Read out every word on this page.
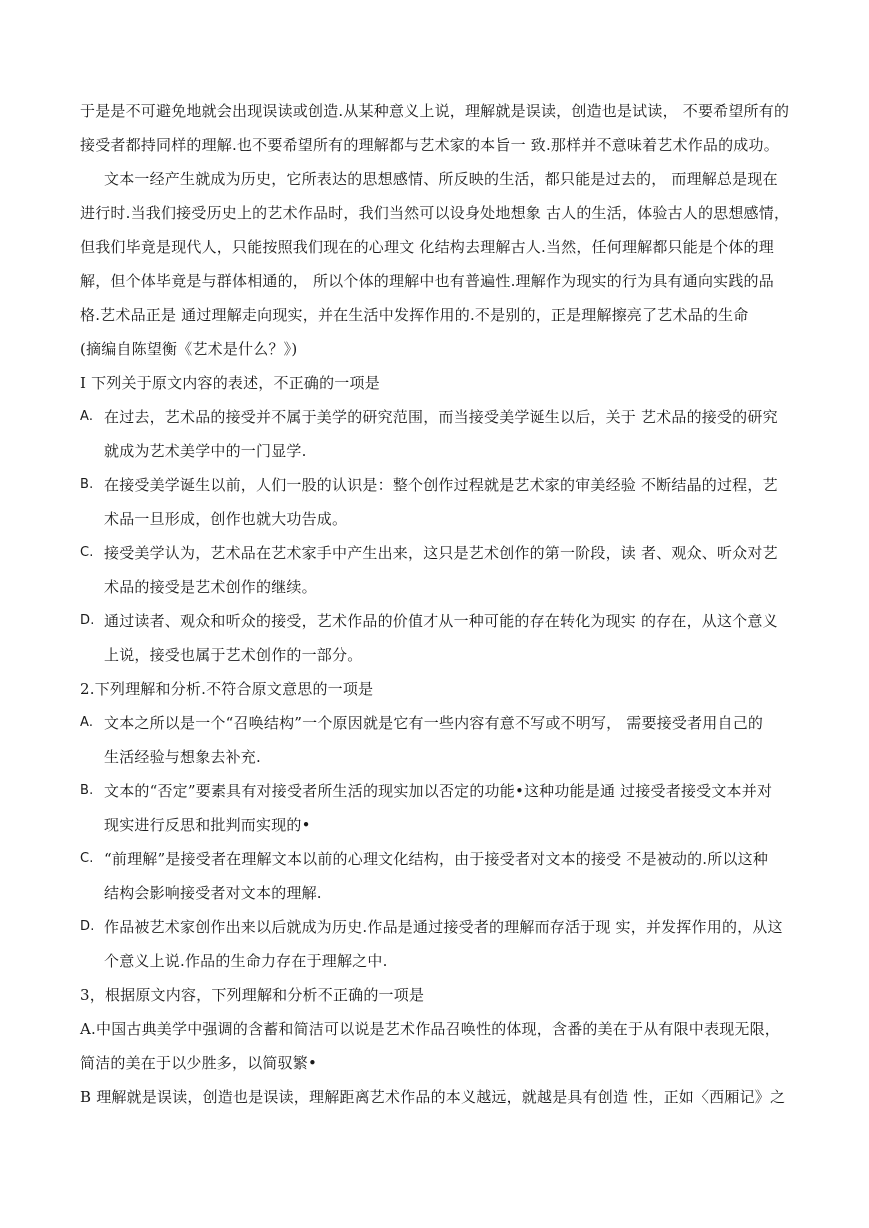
于是是不可避免地就会出现误读或创造.从某种意义上说，理解就是误读，创造也是试读， 不要希望所有的
接受者都持同样的理解.也不要希望所有的理解都与艺术家的本旨一 致.那样并不意味着艺术作品的成功。
文本一经产生就成为历史，它所表达的思想感情、所反映的生活，都只能是过去的， 而理解总是现在
进行时.当我们接受历史上的艺术作品时，我们当然可以设身处地想象 古人的生活，体验古人的思想感情，
但我们毕竟是现代人，只能按照我们现在的心理文 化结构去理解古人.当然，任何理解都只能是个体的理
解，但个体毕竟是与群体相通的， 所以个体的理解中也有普遍性.理解作为现实的行为具有通向实践的品
格.艺术品正是 通过理解走向现实，并在生活中发挥作用的.不是别的，正是理解擦亮了艺术品的生命
(摘编自陈望衡《艺术是什么？》)
I 下列关于原文内容的表述，不正确的一项是
A. 在过去，艺术品的接受并不属于美学的研究范围，而当接受美学诞生以后，关于 艺术品的接受的研究
就成为艺术美学中的一门显学.
B. 在接受美学诞生以前，人们一股的认识是：整个创作过程就是艺术家的审美经验 不断结晶的过程，艺
术品一旦形成，创作也就大功告成。
C. 接受美学认为，艺术品在艺术家手中产生出来，这只是艺术创作的第一阶段，读 者、观众、听众对艺
术品的接受是艺术创作的继续。
D. 通过读者、观众和听众的接受，艺术作品的价值才从一种可能的存在转化为现实 的存在，从这个意义
上说，接受也属于艺术创作的一部分。
2.下列理解和分析.不符合原文意思的一项是
A. 文本之所以是一个“召唤结构”一个原因就是它有一些内容有意不写或不明写， 需要接受者用自己的
生活经验与想象去补充.
B. 文本的“否定”要素具有对接受者所生活的现实加以否定的功能•这种功能是通 过接受者接受文本并对
现实进行反思和批判而实现的•
C. “前理解”是接受者在理解文本以前的心理文化结构，由于接受者对文本的接受 不是被动的.所以这种
结构会影响接受者对文本的理解.
D. 作品被艺术家创作出来以后就成为历史.作品是通过接受者的理解而存活于现 实，并发挥作用的，从这
个意义上说.作品的生命力存在于理解之中.
3，根据原文内容，下列理解和分析不正确的一项是
A.中国古典美学中强调的含蓄和简洁可以说是艺术作品召唤性的体现，含番的美在于从有限中表现无限，
简洁的美在于以少胜多，以简驭繁•
B 理解就是误读，创造也是误读，理解距离艺术作品的本义越远，就越是具有创造 性，正如〈西厢记》之
